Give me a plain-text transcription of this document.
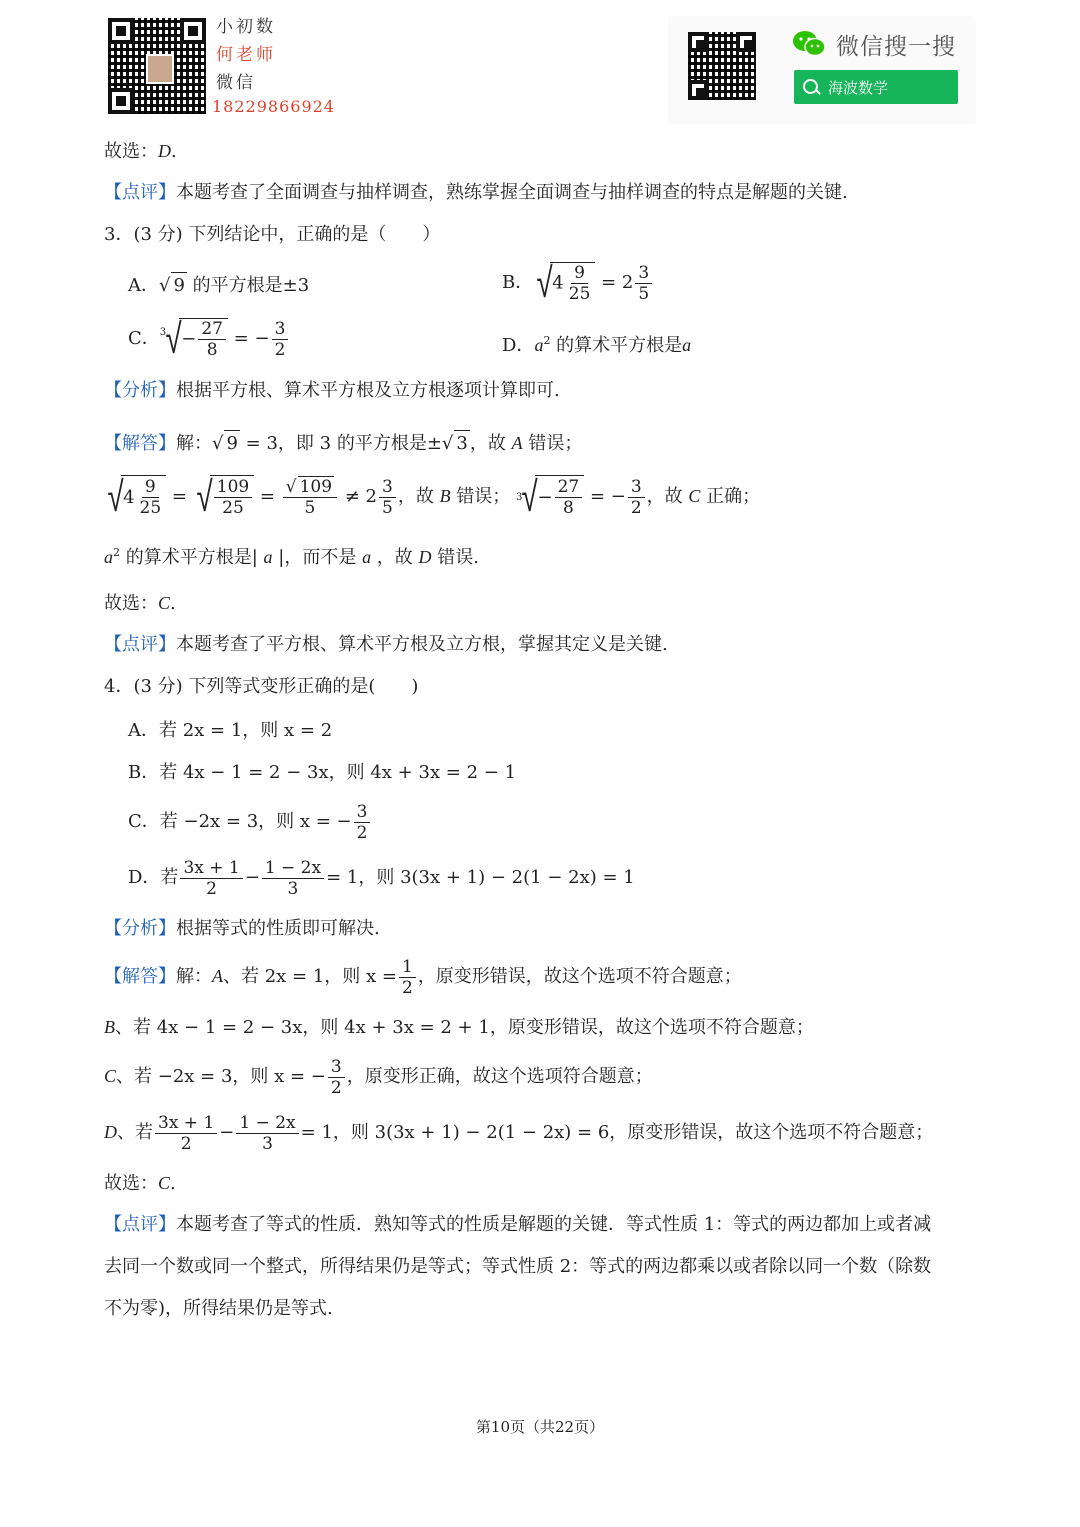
小初数
何老师
微信
18229866924
微信搜一搜
海波数学
故选：D.
【点评】本题考查了全面调查与抽样调查，熟练掌握全面调查与抽样调查的特点是解题的关键.
3．(3 分) 下列结论中，正确的是（　　）
A．√ 9 的平方根是±3	B．$√4 \frac{9}{25} = 2 \frac{3}{5}$
C．$^3√- \frac{27}{8}$ = − $\frac{3}{2}$	D．$a^2$ 的算术平方根是a
【分析】根据平方根、算术平方根及立方根逐项计算即可.
【解答】解：√ 9 = 3，即 3 的平方根是±√ 3 ，故 A 错误；
$√4 \frac{9}{25}$ = √ $\frac{109}{25} = \frac{√ 109}{5} \ne 2 \frac{3}{5}$ ，故 B 错误； $^3√- \frac{27}{8}$ = − $\frac{3}{2}$ ，故 C 正确；
$a^2$ 的算术平方根是| a |，而不是 a ，故 D 错误.
故选：C.
【点评】本题考查了平方根、算术平方根及立方根，掌握其定义是关键.
4．(3 分) 下列等式变形正确的是(　　)
A．若 2x = 1，则 x = 2
B．若 4x − 1 = 2 − 3x，则 4x + 3x = 2 − 1
C．若 −2x = 3，则 x = − $\frac{3}{2}$
D．若 $\frac{3x + 1}{2} - \frac{1 - 2x}{3} = 1$，则 3(3x + 1) − 2(1 − 2x) = 1
【分析】根据等式的性质即可解决.
【解答】解：A、若 2x = 1，则 $x = \frac{1}{2}$ ，原变形错误，故这个选项不符合题意；
B、若 4x − 1 = 2 − 3x，则 4x + 3x = 2 + 1，原变形错误，故这个选项不符合题意；
C、若 −2x = 3，则 x = − $\frac{3}{2}$ ，原变形正确，故这个选项符合题意；
D、若 $\frac{3x + 1}{2} - \frac{1 - 2x}{3} = 1$，则 3(3x + 1) − 2(1 − 2x) = 6，原变形错误，故这个选项不符合题意；
故选：C.
【点评】本题考查了等式的性质．熟知等式的性质是解题的关键．等式性质 1：等式的两边都加上或者减
去同一个数或同一个整式，所得结果仍是等式；等式性质 2：等式的两边都乘以或者除以同一个数（除数
不为零)，所得结果仍是等式.
第10页（共22页）
